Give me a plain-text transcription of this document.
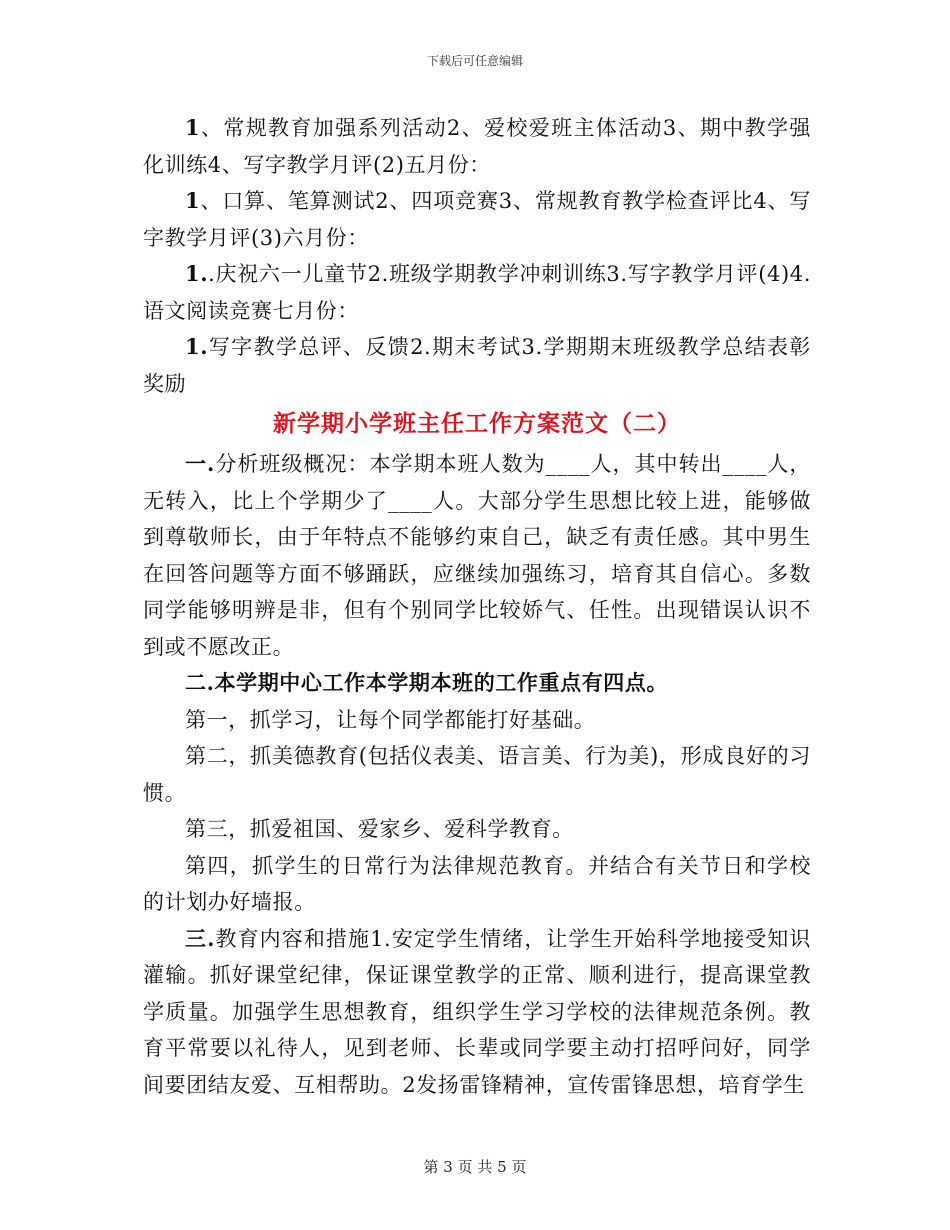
下载后可任意编辑

1、常规教育加强系列活动2、爱校爱班主体活动3、期中教学强化训练4、写字教学月评(2)五月份：

1、口算、笔算测试2、四项竞赛3、常规教育教学检查评比4、写字教学月评(3)六月份：

1..庆祝六一儿童节2.班级学期教学冲刺训练3.写字教学月评(4)4.语文阅读竞赛七月份：

1.写字教学总评、反馈2.期末考试3.学期期末班级教学总结表彰奖励

新学期小学班主任工作方案范文（二）

一.分析班级概况：本学期本班人数为____人，其中转出____人，无转入，比上个学期少了____人。大部分学生思想比较上进，能够做到尊敬师长，由于年特点不能够约束自己，缺乏有责任感。其中男生在回答问题等方面不够踊跃，应继续加强练习，培育其自信心。多数同学能够明辨是非，但有个别同学比较娇气、任性。出现错误认识不到或不愿改正。

二.本学期中心工作本学期本班的工作重点有四点。

第一，抓学习，让每个同学都能打好基础。

第二，抓美德教育(包括仪表美、语言美、行为美)，形成良好的习惯。

第三，抓爱祖国、爱家乡、爱科学教育。

第四，抓学生的日常行为法律规范教育。并结合有关节日和学校的计划办好墙报。

三.教育内容和措施1.安定学生情绪，让学生开始科学地接受知识灌输。抓好课堂纪律，保证课堂教学的正常、顺利进行，提高课堂教学质量。加强学生思想教育，组织学生学习学校的法律规范条例。教育平常要以礼待人，见到老师、长辈或同学要主动打招呼问好，同学间要团结友爱、互相帮助。2发扬雷锋精神，宣传雷锋思想，培育学生

第 3 页 共 5 页
